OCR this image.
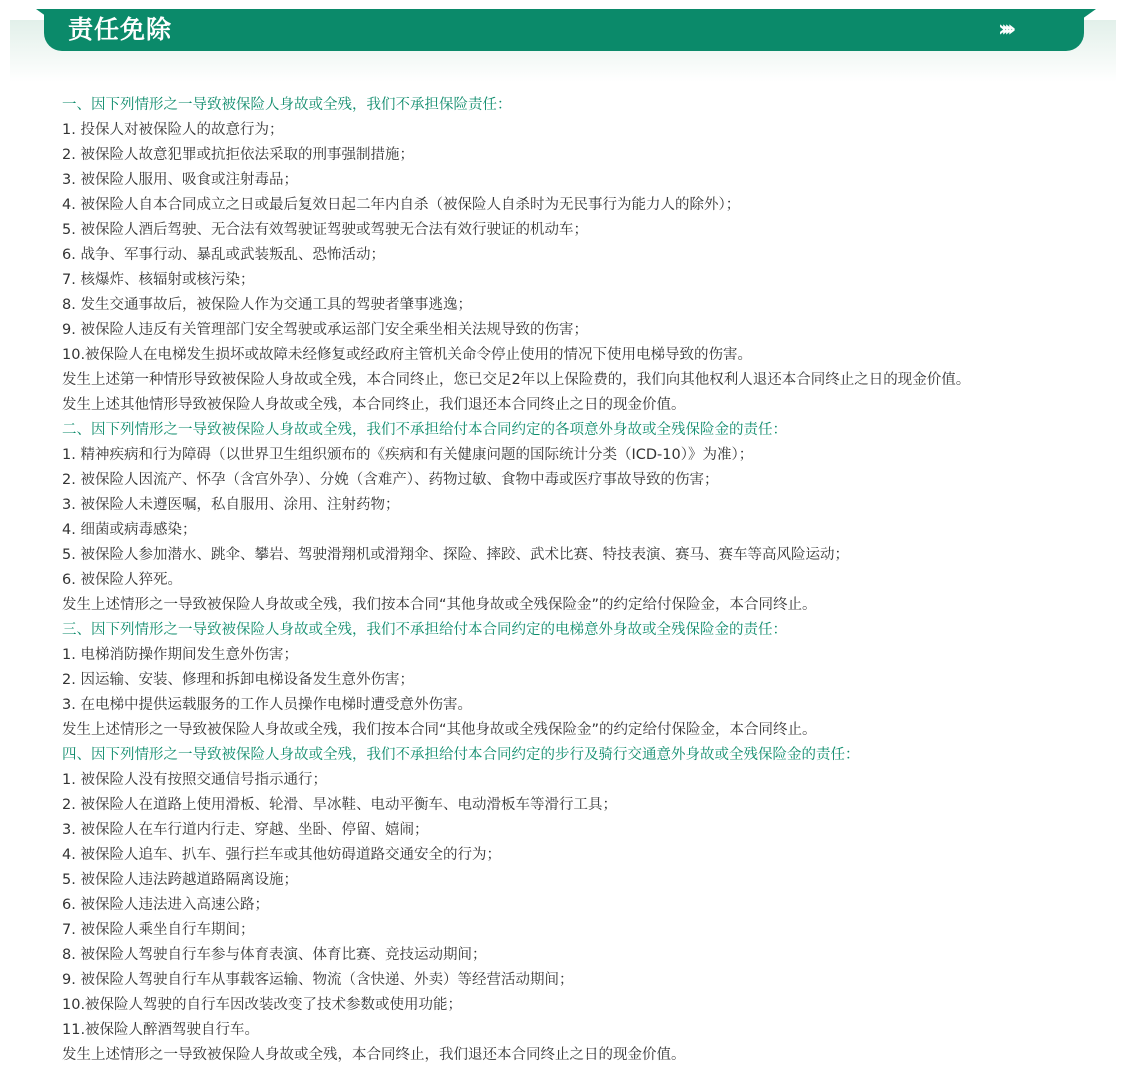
责任免除	››››
一、因下列情形之一导致被保险人身故或全残，我们不承担保险责任：
1. 投保人对被保险人的故意行为；
2. 被保险人故意犯罪或抗拒依法采取的刑事强制措施；
3. 被保险人服用、吸食或注射毒品；
4. 被保险人自本合同成立之日或最后复效日起二年内自杀（被保险人自杀时为无民事行为能力人的除外）；
5. 被保险人酒后驾驶、无合法有效驾驶证驾驶或驾驶无合法有效行驶证的机动车；
6. 战争、军事行动、暴乱或武装叛乱、恐怖活动；
7. 核爆炸、核辐射或核污染；
8. 发生交通事故后，被保险人作为交通工具的驾驶者肇事逃逸；
9. 被保险人违反有关管理部门安全驾驶或承运部门安全乘坐相关法规导致的伤害；
10.被保险人在电梯发生损坏或故障未经修复或经政府主管机关命令停止使用的情况下使用电梯导致的伤害。
发生上述第一种情形导致被保险人身故或全残，本合同终止，您已交足2年以上保险费的，我们向其他权利人退还本合同终止之日的现金价值。
发生上述其他情形导致被保险人身故或全残，本合同终止，我们退还本合同终止之日的现金价值。
二、因下列情形之一导致被保险人身故或全残，我们不承担给付本合同约定的各项意外身故或全残保险金的责任：
1. 精神疾病和行为障碍（以世界卫生组织颁布的《疾病和有关健康问题的国际统计分类（ICD-10）》为准）；
2. 被保险人因流产、怀孕（含宫外孕）、分娩（含难产）、药物过敏、食物中毒或医疗事故导致的伤害；
3. 被保险人未遵医嘱，私自服用、涂用、注射药物；
4. 细菌或病毒感染；
5. 被保险人参加潜水、跳伞、攀岩、驾驶滑翔机或滑翔伞、探险、摔跤、武术比赛、特技表演、赛马、赛车等高风险运动；
6. 被保险人猝死。
发生上述情形之一导致被保险人身故或全残，我们按本合同“其他身故或全残保险金”的约定给付保险金，本合同终止。
三、因下列情形之一导致被保险人身故或全残，我们不承担给付本合同约定的电梯意外身故或全残保险金的责任：
1. 电梯消防操作期间发生意外伤害；
2. 因运输、安装、修理和拆卸电梯设备发生意外伤害；
3. 在电梯中提供运载服务的工作人员操作电梯时遭受意外伤害。
发生上述情形之一导致被保险人身故或全残，我们按本合同“其他身故或全残保险金”的约定给付保险金，本合同终止。
四、因下列情形之一导致被保险人身故或全残，我们不承担给付本合同约定的步行及骑行交通意外身故或全残保险金的责任：
1. 被保险人没有按照交通信号指示通行；
2. 被保险人在道路上使用滑板、轮滑、旱冰鞋、电动平衡车、电动滑板车等滑行工具；
3. 被保险人在车行道内行走、穿越、坐卧、停留、嬉闹；
4. 被保险人追车、扒车、强行拦车或其他妨碍道路交通安全的行为；
5. 被保险人违法跨越道路隔离设施；
6. 被保险人违法进入高速公路；
7. 被保险人乘坐自行车期间；
8. 被保险人驾驶自行车参与体育表演、体育比赛、竞技运动期间；
9. 被保险人驾驶自行车从事载客运输、物流（含快递、外卖）等经营活动期间；
10.被保险人驾驶的自行车因改装改变了技术参数或使用功能；
11.被保险人醉酒驾驶自行车。
发生上述情形之一导致被保险人身故或全残，本合同终止，我们退还本合同终止之日的现金价值。
